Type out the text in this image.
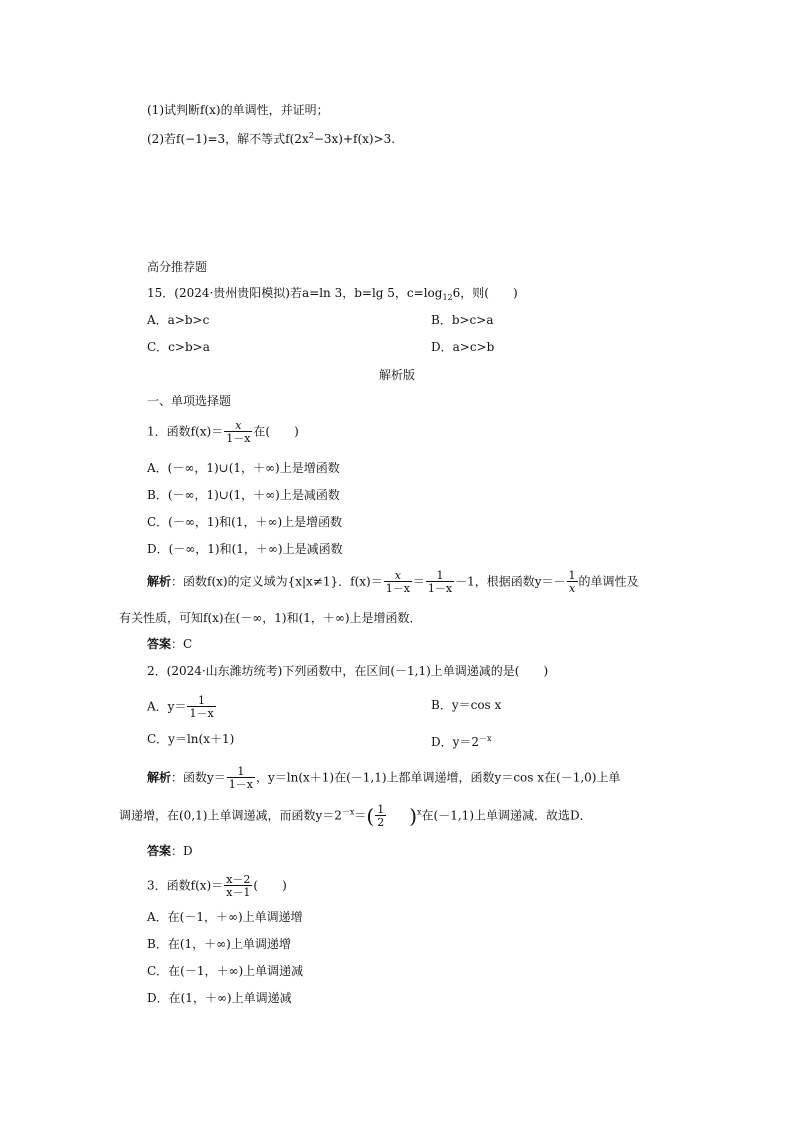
(1)试判断f(x)的单调性，并证明；
(2)若f(−1)=3，解不等式$f(2x^2-3x)+f(x)>3$.
高分推荐题
15．(2024·贵州贵阳模拟)若a=ln 3，b=lg 5，$c=\log_{12}6$，则(　　)
A．a>b>c	B．b>c>a
C．c>b>a	D．a>c>b
解析版
一、单项选择题
1．函数$f(x)= \frac{x}{1-x}$ 在(　　)
A．(－∞，1)∪(1，＋∞)上是增函数
B．(－∞，1)∪(1，＋∞)上是减函数
C．(－∞，1)和(1，＋∞)上是增函数
D．(－∞，1)和(1，＋∞)上是减函数
解析：函数f(x)的定义域为{x|x≠1}．$f(x)= \frac{x}{1-x} = \frac{1}{1-x} -1$，根据函数$y=- \frac{1}{x}$ 的单调性及
有关性质，可知f(x)在(－∞，1)和(1，＋∞)上是增函数．
答案：C
2．(2024·山东潍坊统考)下列函数中，在区间(－1,1)上单调递减的是(　　)
A．$y= \frac{1}{1-x}$	B．y＝cos x
C．y＝ln(x＋1)	D．$y=2^{-x}$
解析：函数$y= \frac{1}{1-x}$ ，y＝ln(x＋1)在(－1,1)上都单调递增，函数y＝cos x在(－1,0)上单
调递增，在(0,1)上单调递减，而函数$y=2^{-x}=( \frac{1}{2} )^x$在(－1,1)上单调递减．故选D．
答案：D
3．函数$f(x)= \frac{x-2}{x-1}$ (　　)
A．在(－1，＋∞)上单调递增
B．在(1，＋∞)上单调递增
C．在(－1，＋∞)上单调递减
D．在(1，＋∞)上单调递减
